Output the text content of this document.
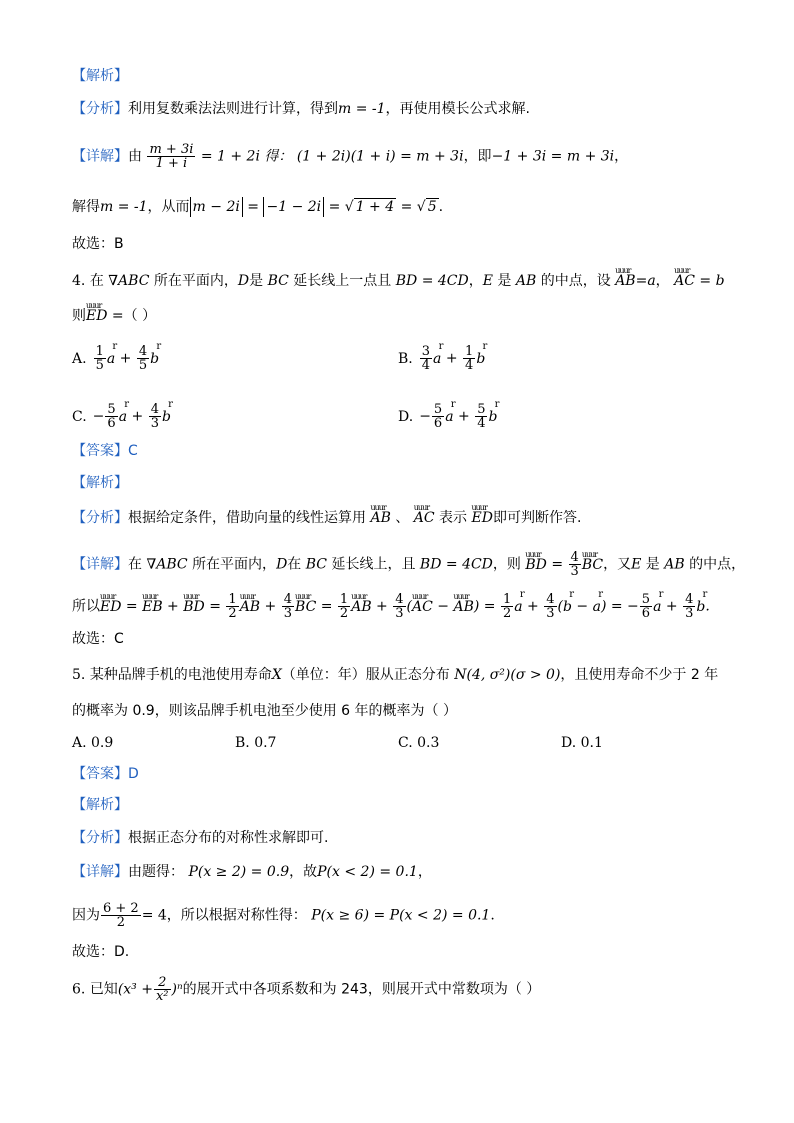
【解析】
【分析】利用复数乘法法则进行计算，得到m = -1，再使用模长公式求解.
【详解】由 $\frac{m + 3i}{1 + i} = 1 + 2i$ 得： (1 + 2i)(1 + i) = m + 3i，即−1 + 3i = m + 3i，
解得m = -1，从而 m − 2i = −1 − 2i = √ 1 + 4 = √ 5 .
故选：B
4. 在 ∇ABC 所在平面内，D是 BC 延长线上一点且 BD = 4CD，E 是 AB 的中点，设 uuur AB=a， uuur AC = b
则uuur ED =（ ）
A. $\frac{1}{5}$ r $a + \frac{4}{5}$ r b	B. $\frac{3}{4}$ r $a + \frac{1}{4}$ r b
C. − $\frac{5}{6}$ r $a + \frac{4}{3}$ r b	D. − $\frac{5}{6}$ r $a + \frac{5}{4}$ r b
【答案】C
【解析】
【分析】根据给定条件，借助向量的线性运算用 uuur AB 、 uuur AC 表示 uuur ED即可判断作答.
【详解】在 ∇ABC 所在平面内，D在 BC 延长线上，且 BD = 4CD，则 uuur BD = $\frac{4}{3}$ uuur BC，又E 是 AB 的中点，
所以uuur ED = uuur EB + uuur BD = $\frac{1}{2}$ uuur AB + $\frac{4}{3}$ uuur BC = $\frac{1}{2}$ uuur AB + $\frac{4}{3}$ (uuur AC − uuur $AB) = \frac{1}{2}$ r $a + \frac{4}{3} (r$ b − r a) = − $\frac{5}{6}$ r $a + \frac{4}{3}$ r b.
故选：C
5. 某种品牌手机的电池使用寿命X（单位：年）服从正态分布 N(4, σ²)(σ > 0)，且使用寿命不少于 2 年
的概率为 0.9，则该品牌手机电池至少使用 6 年的概率为（ ）
A. 0.9	B. 0.7	C. 0.3	D. 0.1
【答案】D
【解析】
【分析】根据正态分布的对称性求解即可.
【详解】由题得： P(x ≥ 2) = 0.9，故P(x < 2) = 0.1，
因为 $\frac{6 + 2}{2} = 4$，所以根据对称性得： P(x ≥ 6) = P(x < 2) = 0.1.
故选：D.
6. 已知$(x^3 + \frac{2}{\text{x²}} )^n$的展开式中各项系数和为 243，则展开式中常数项为（ ）
